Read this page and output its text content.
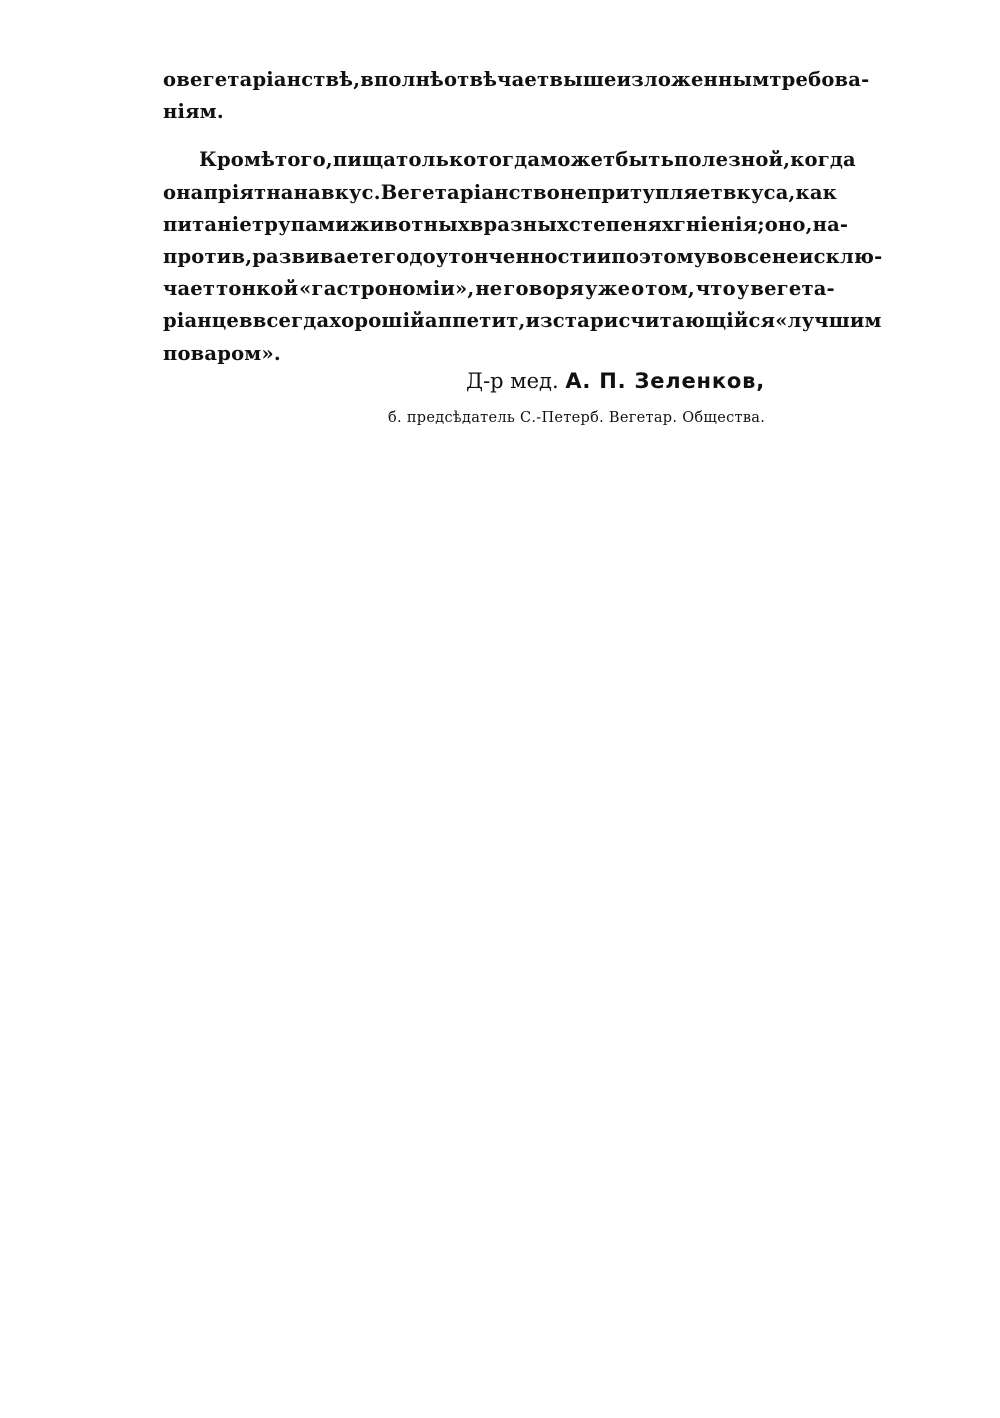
о вегетаріанствѣ, вполнѣ отвѣчает вышеизложенным требова-
ніям.
Кромѣ того, пища только тогда может быть полезной, когда
она пріятна на вкус. Вегетаріанство не притупляет вкуса, как
питаніе трупами животных в разных степенях гніенія; оно, на-
против, развивает его до утонченности и поэтому вовсе не исклю-
чает тонкой «гастрономіи», не говоря уже о том, что у вегета-
ріанцев всегда хорошій аппетит, изстари считающійся «лучшим
поваром».
Д-р мед. А. П. Зеленков,
б. предсѣдатель С.-Петерб. Вегетар. Общества.
